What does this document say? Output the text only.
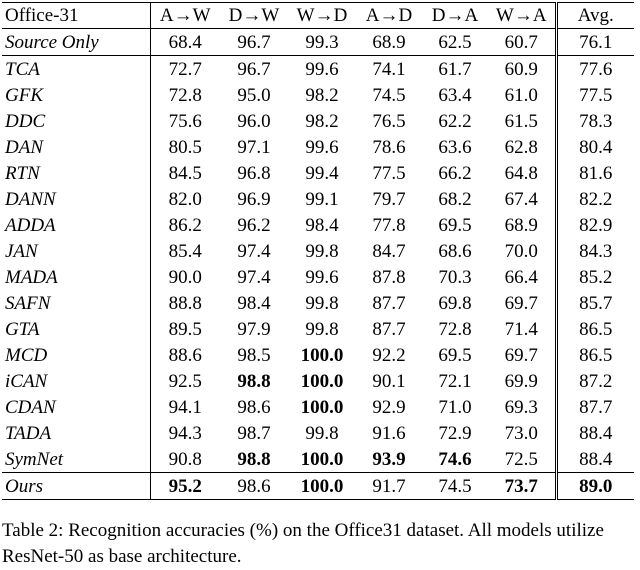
Office-31	A→W	D→W	W→D	A→D	D→A	W→A	Avg.
Source Only	68.4	96.7	99.3	68.9	62.5	60.7	76.1
TCA	72.7	96.7	99.6	74.1	61.7	60.9	77.6
GFK	72.8	95.0	98.2	74.5	63.4	61.0	77.5
DDC	75.6	96.0	98.2	76.5	62.2	61.5	78.3
DAN	80.5	97.1	99.6	78.6	63.6	62.8	80.4
RTN	84.5	96.8	99.4	77.5	66.2	64.8	81.6
DANN	82.0	96.9	99.1	79.7	68.2	67.4	82.2
ADDA	86.2	96.2	98.4	77.8	69.5	68.9	82.9
JAN	85.4	97.4	99.8	84.7	68.6	70.0	84.3
MADA	90.0	97.4	99.6	87.8	70.3	66.4	85.2
SAFN	88.8	98.4	99.8	87.7	69.8	69.7	85.7
GTA	89.5	97.9	99.8	87.7	72.8	71.4	86.5
MCD	88.6	98.5	100.0	92.2	69.5	69.7	86.5
iCAN	92.5	98.8	100.0	90.1	72.1	69.9	87.2
CDAN	94.1	98.6	100.0	92.9	71.0	69.3	87.7
TADA	94.3	98.7	99.8	91.6	72.9	73.0	88.4
SymNet	90.8	98.8	100.0	93.9	74.6	72.5	88.4
Ours	95.2	98.6	100.0	91.7	74.5	73.7	89.0

Table 2: Recognition accuracies (%) on the Office31 dataset. All models utilize ResNet-50 as base architecture.
